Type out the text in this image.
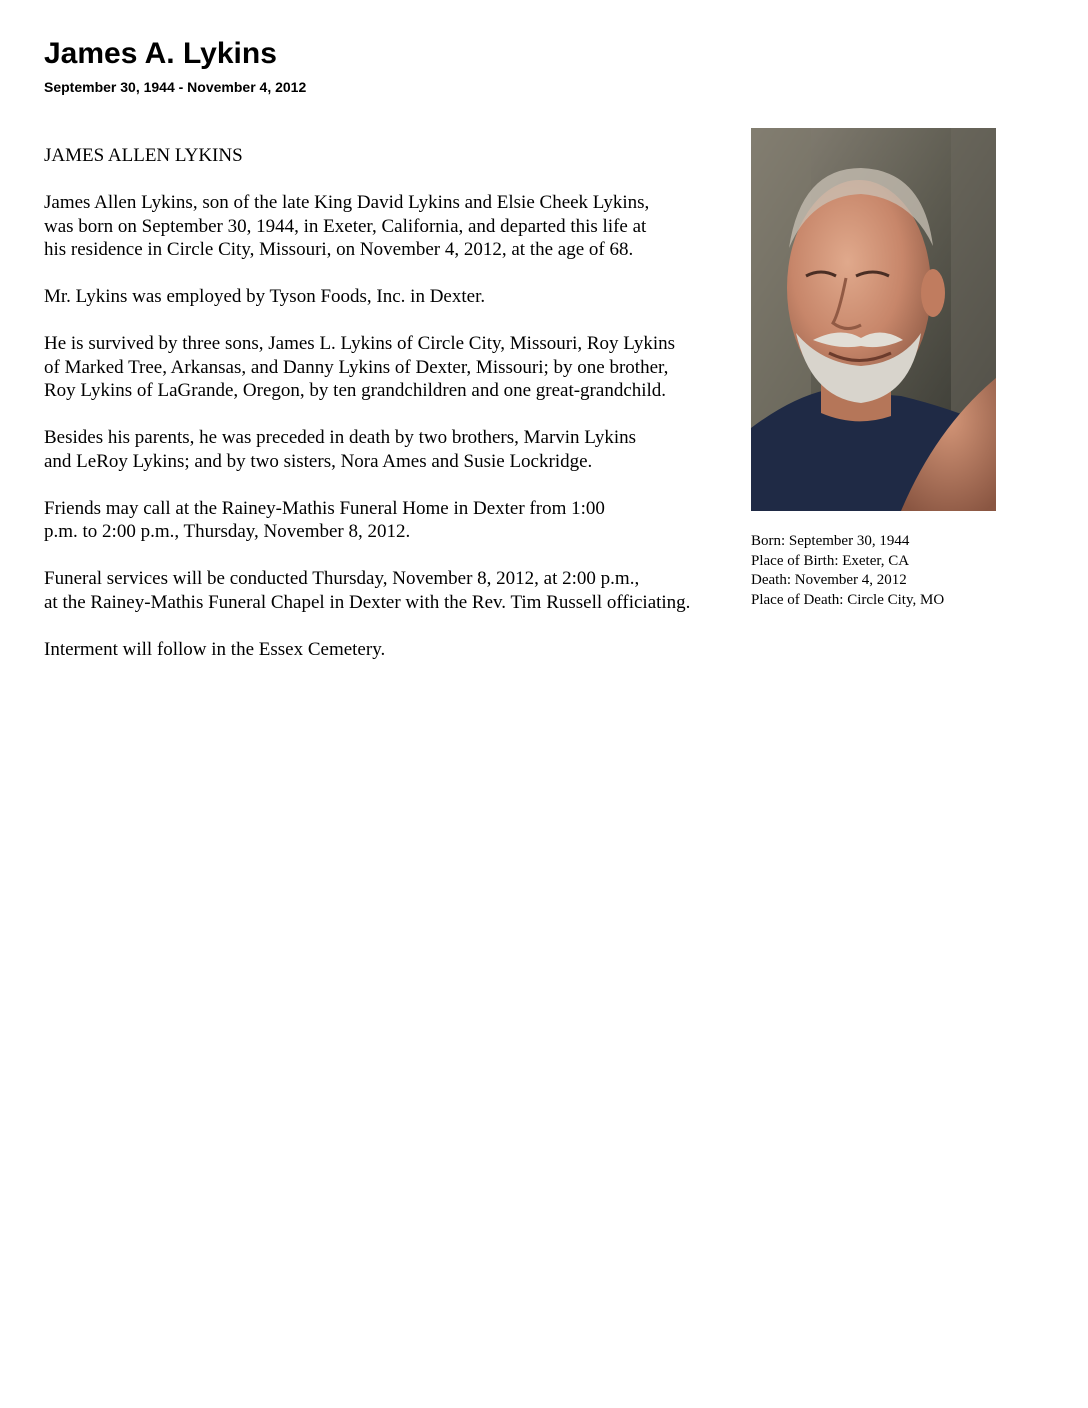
James A. Lykins

September 30, 1944 - November 4, 2012

JAMES ALLEN LYKINS
James Allen Lykins, son of the late King David Lykins and Elsie Cheek Lykins,
was born on September 30, 1944, in Exeter, California, and departed this life at
his residence in Circle City, Missouri, on November 4, 2012, at the age of 68.
Mr. Lykins was employed by Tyson Foods, Inc. in Dexter.
He is survived by three sons, James L. Lykins of Circle City, Missouri, Roy Lykins
of Marked Tree, Arkansas, and Danny Lykins of Dexter, Missouri; by one brother,
Roy Lykins of LaGrande, Oregon, by ten grandchildren and one great-grandchild.
Besides his parents, he was preceded in death by two brothers, Marvin Lykins
and LeRoy Lykins; and by two sisters, Nora Ames and Susie Lockridge.
Friends may call at the Rainey-Mathis Funeral Home in Dexter from 1:00
p.m. to 2:00 p.m., Thursday, November 8, 2012.
Funeral services will be conducted Thursday, November 8, 2012, at 2:00 p.m.,
at the Rainey-Mathis Funeral Chapel in Dexter with the Rev. Tim Russell officiating.
Interment will follow in the Essex Cemetery.
Born: September 30, 1944
Place of Birth: Exeter, CA
Death: November 4, 2012
Place of Death: Circle City, MO
